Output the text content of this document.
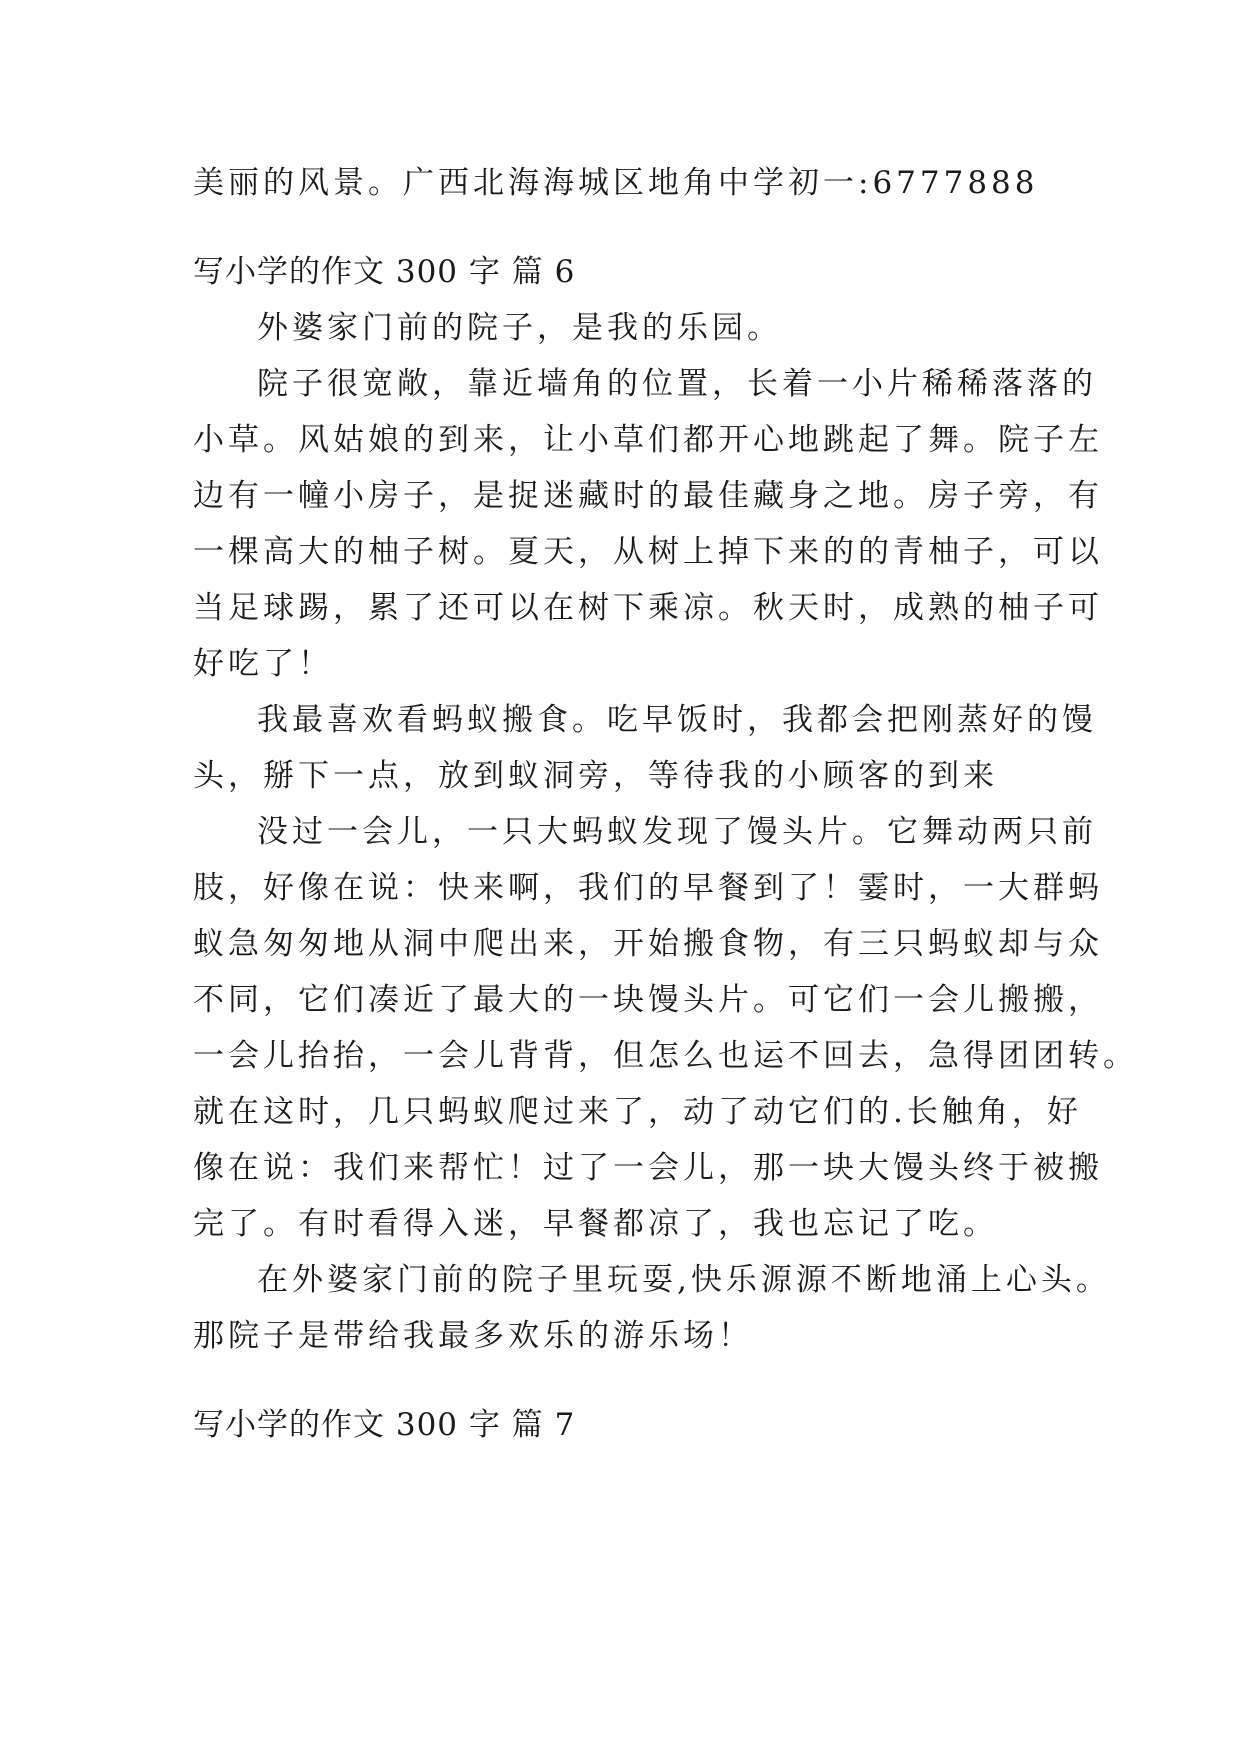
美丽的风景。广西北海海城区地角中学初一:6777888
写小学的作文 300 字 篇 6
外婆家门前的院子，是我的乐园。
院子很宽敞，靠近墙角的位置，长着一小片稀稀落落的
小草。风姑娘的到来，让小草们都开心地跳起了舞。院子左
边有一幢小房子，是捉迷藏时的最佳藏身之地。房子旁，有
一棵高大的柚子树。夏天，从树上掉下来的的青柚子，可以
当足球踢，累了还可以在树下乘凉。秋天时，成熟的柚子可
好吃了！
我最喜欢看蚂蚁搬食。吃早饭时，我都会把刚蒸好的馒
头，掰下一点，放到蚁洞旁，等待我的小顾客的到来
没过一会儿，一只大蚂蚁发现了馒头片。它舞动两只前
肢，好像在说：快来啊，我们的早餐到了！霎时，一大群蚂
蚁急匆匆地从洞中爬出来，开始搬食物，有三只蚂蚁却与众
不同，它们凑近了最大的一块馒头片。可它们一会儿搬搬，
一会儿抬抬，一会儿背背，但怎么也运不回去，急得团团转。
就在这时，几只蚂蚁爬过来了，动了动它们的.长触角，好
像在说：我们来帮忙！过了一会儿，那一块大馒头终于被搬
完了。有时看得入迷，早餐都凉了，我也忘记了吃。
在外婆家门前的院子里玩耍,快乐源源不断地涌上心头。
那院子是带给我最多欢乐的游乐场！
写小学的作文 300 字 篇 7
